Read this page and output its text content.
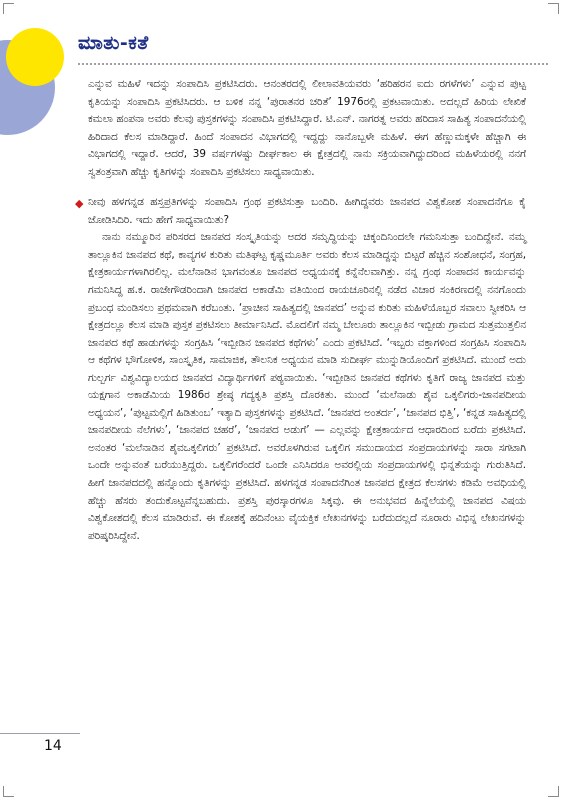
ಮಾತು-ಕತೆ

ಎನ್ನುವ ಮಹಿಳೆ ಇದನ್ನು ಸಂಪಾದಿಸಿ ಪ್ರಕಟಿಸಿದರು. ಆನಂತರದಲ್ಲಿ ಲೀಲಾವತಿಯವರು ‘ಹರಿಹರನ ಐದು ರಗಳೆಗಳು’ ಎನ್ನುವ ಪುಟ್ಟ ಕೃತಿಯನ್ನು ಸಂಪಾದಿಸಿ ಪ್ರಕಟಿಸಿದರು. ಆ ಬಳಿಕ ನನ್ನ ‘ಪುರಾತನರ ಚರಿತೆ’ 1976ರಲ್ಲಿ ಪ್ರಕಟವಾಯಿತು. ಅದಲ್ಲದೆ ಹಿರಿಯ ಲೇಖಿಕೆ ಕಮಲಾ ಹಂಪನಾ ಅವರು ಕೆಲವು ಪುಸ್ತಕಗಳನ್ನು ಸಂಪಾದಿಸಿ ಪ್ರಕಟಿಸಿದ್ದಾರೆ. ಟಿ.ಎನ್. ನಾಗರತ್ನ ಅವರು ಹರಿದಾಸ ಸಾಹಿತ್ಯ ಸಂಪಾದನೆಯಲ್ಲಿ ಹಿರಿದಾದ ಕೆಲಸ ಮಾಡಿದ್ದಾರೆ. ಹಿಂದೆ ಸಂಪಾದನ ವಿಭಾಗದಲ್ಲಿ ಇದ್ದದ್ದು ನಾನೊಬ್ಬಳೇ ಮಹಿಳೆ. ಈಗ ಹೆಣ್ಣುಮಕ್ಕಳೇ ಹೆಚ್ಚಾಗಿ ಈ ವಿಭಾಗದಲ್ಲಿ ಇದ್ದಾರೆ. ಆದರೆ, 39 ವರ್ಷಗಳಷ್ಟು ದೀರ್ಘಕಾಲ ಈ ಕ್ಷೇತ್ರದಲ್ಲಿ ನಾನು ಸಕ್ರಿಯವಾಗಿದ್ದುದರಿಂದ ಮಹಿಳೆಯರಲ್ಲಿ ನನಗೆ ಸ್ವತಂತ್ರವಾಗಿ ಹೆಚ್ಚು ಕೃತಿಗಳನ್ನು ಸಂಪಾದಿಸಿ ಪ್ರಕಟಿಸಲು ಸಾಧ್ಯವಾಯಿತು.

◆ ನೀವು ಹಳಗನ್ನಡ ಹಸ್ತಪ್ರತಿಗಳನ್ನು ಸಂಪಾದಿಸಿ ಗ್ರಂಥ ಪ್ರಕಟಿಸುತ್ತಾ ಬಂದಿರಿ. ಹೀಗಿದ್ದವರು ಜಾನಪದ ವಿಶ್ವಕೋಶ ಸಂಪಾದನೆಗೂ ಕೈ ಜೋಡಿಸಿದಿರಿ. ಇದು ಹೇಗೆ ಸಾಧ್ಯವಾಯಿತು?

ನಾನು ನಮ್ಮೂರಿನ ಪರಿಸರದ ಜಾನಪದ ಸಂಸ್ಕೃತಿಯನ್ನು ಅದರ ಸಮೃದ್ಧಿಯನ್ನು ಚಿಕ್ಕಂದಿನಿಂದಲೇ ಗಮನಿಸುತ್ತಾ ಬಂದಿದ್ದೇನೆ. ನಮ್ಮ ತಾಲ್ಲೂಕಿನ ಜಾನಪದ ಕಥೆ, ಕಾವ್ಯಗಳ ಕುರಿತು ಮತಿಘಟ್ಟ ಕೃಷ್ಣಮೂರ್ತಿ ಅವರು ಕೆಲಸ ಮಾಡಿದ್ದನ್ನು ಬಿಟ್ಟರೆ ಹೆಚ್ಚಿನ ಸಂಶೋಧನೆ, ಸಂಗ್ರಹ, ಕ್ಷೇತ್ರಕಾರ್ಯಗಳಾಗಿರಲಿಲ್ಲ. ಮಲೆನಾಡಿನ ಭಾಗವಂತೂ ಜಾನಪದ ಅಧ್ಯಯನಕ್ಕೆ ಕನ್ನೆನೆಲವಾಗಿತ್ತು. ನನ್ನ ಗ್ರಂಥ ಸಂಪಾದನ ಕಾರ್ಯವನ್ನು ಗಮನಿಸಿದ್ದ ಹ.ಕ. ರಾಜೇಗೌಡರಿಂದಾಗಿ ಜಾನಪದ ಅಕಾಡೆಮಿ ವತಿಯಿಂದ ರಾಯಚೂರಿನಲ್ಲಿ ನಡೆದ ವಿಚಾರ ಸಂಕಿರಣದಲ್ಲಿ ನನಗೊಂದು ಪ್ರಬಂಧ ಮಂಡಿಸಲು ಪ್ರಥಮವಾಗಿ ಕರೆಬಂತು. ‘ಪ್ರಾಚೀನ ಸಾಹಿತ್ಯದಲ್ಲಿ ಜಾನಪದ’ ಅನ್ನುವ ಕುರಿತು ಮಹಿಳೆಯೊಬ್ಬರ ಸವಾಲು ಸ್ವೀಕರಿಸಿ ಆ ಕ್ಷೇತ್ರದಲ್ಲೂ ಕೆಲಸ ಮಾಡಿ ಪುಸ್ತಕ ಪ್ರಕಟಿಸಲು ತೀರ್ಮಾನಿಸಿದೆ. ಮೊದಲಿಗೆ ನಮ್ಮ ಬೇಲೂರು ತಾಲ್ಲೂಕಿನ ಇಬ್ಬೀಡು ಗ್ರಾಮದ ಸುತ್ತಮುತ್ತಲಿನ ಜಾನಪದ ಕಥೆ ಹಾಡುಗಳನ್ನು ಸಂಗ್ರಹಿಸಿ ‘ಇಬ್ಬೀಡಿನ ಜಾನಪದ ಕಥೆಗಳು’ ಎಂದು ಪ್ರಕಟಿಸಿದೆ. ‘ಇಬ್ಬರು ವಕ್ತಾಗಳಿಂದ ಸಂಗ್ರಹಿಸಿ ಸಂಪಾದಿಸಿ ಆ ಕಥೆಗಳ ಭೌಗೋಳಿಕ, ಸಾಂಸ್ಕೃತಿಕ, ಸಾಮಾಜಿಕ, ತೌಲನಿಕ ಅಧ್ಯಯನ ಮಾಡಿ ಸುದೀರ್ಘ ಮುನ್ನುಡಿಯೊಂದಿಗೆ ಪ್ರಕಟಿಸಿದೆ. ಮುಂದೆ ಅದು ಗುಲ್ಬರ್ಗ ವಿಶ್ವವಿದ್ಯಾಲಯದ ಜಾನಪದ ವಿದ್ಯಾರ್ಥಿಗಳಿಗೆ ಪಠ್ಯವಾಯಿತು. ‘ಇಬ್ಬೀಡಿನ ಜಾನಪದ ಕಥೆಗಳು ಕೃತಿಗೆ ರಾಜ್ಯ ಜಾನಪದ ಮತ್ತು ಯಕ್ಷಗಾನ ಅಕಾಡೆಮಿಯ 1986ರ ಶ್ರೇಷ್ಠ ಗದ್ಯಕೃತಿ ಪ್ರಶಸ್ತಿ ದೊರಕಿತು. ಮುಂದೆ ‘ಮಲೆನಾಡು ಶೈವ ಒಕ್ಕಲಿಗರು-ಜಾನಪದೀಯ ಅಧ್ಯಯನ’, ‘ಪುಟ್ಟಮಲ್ಲಿಗೆ ಹಿಡಿತುಂಬ’ ಇತ್ಯಾದಿ ಪುಸ್ತಕಗಳನ್ನು ಪ್ರಕಟಿಸಿದೆ. ‘ಜಾನಪದ ಅಂತರ್ದ’, ‘ಜಾನಪದ ಭಿತ್ತಿ’, ‘ಕನ್ನಡ ಸಾಹಿತ್ಯದಲ್ಲಿ ಜಾನಪದೀಯ ನೆಲೆಗಳು’, ‘ಜಾನಪದ ಚಹರೆ’, ‘ಜಾನಪದ ಅಡುಗೆ’ — ಎಲ್ಲವನ್ನು ಕ್ಷೇತ್ರಕಾರ್ಯದ ಆಧಾರದಿಂದ ಬರೆದು ಪ್ರಕಟಿಸಿದೆ. ಅನಂತರ ‘ಮಲೆನಾಡಿನ ಶೈವಒಕ್ಕಲಿಗರು’ ಪ್ರಕಟಿಸಿದೆ. ಅವರೊಳಗಿರುವ ಒಕ್ಕಲಿಗ ಸಮುದಾಯದ ಸಂಪ್ರದಾಯಗಳನ್ನು ಸಾರಾ ಸಗಟಾಗಿ ಒಂದೇ ಅನ್ನುವಂತೆ ಬರೆಯುತ್ತಿದ್ದರು. ಒಕ್ಕಲಿಗರೆಂದರೆ ಒಂದೇ ಎನಿಸಿದರೂ ಅವರಲ್ಲಿಯ ಸಂಪ್ರದಾಯಗಳಲ್ಲಿ ಭಿನ್ನತೆಯನ್ನು ಗುರುತಿಸಿದೆ. ಹೀಗೆ ಜಾನಪದದಲ್ಲಿ ಹನ್ನೊಂದು ಕೃತಿಗಳನ್ನು ಪ್ರಕಟಿಸಿದೆ. ಹಳಗನ್ನಡ ಸಂಪಾದನೆಗಿಂತ ಜಾನಪದ ಕ್ಷೇತ್ರದ ಕೆಲಸಗಳು ಕಡಿಮೆ ಅವಧಿಯಲ್ಲಿ ಹೆಚ್ಚು ಹೆಸರು ತಂದುಕೊಟ್ಟವೆನ್ನಬಹುದು. ಪ್ರಶಸ್ತಿ ಪುರಸ್ಕಾರಗಳೂ ಸಿಕ್ಕವು. ಈ ಅನುಭವದ ಹಿನ್ನೆಲೆಯಲ್ಲಿ ಜಾನಪದ ವಿಷಯ ವಿಶ್ವಕೋಶದಲ್ಲಿ ಕೆಲಸ ಮಾಡಿರುವೆ. ಈ ಕೋಶಕ್ಕೆ ಹದಿನೆಂಟು ವೈಯಕ್ತಿಕ ಲೇಖನಗಳನ್ನು ಬರೆದುದಲ್ಲದೆ ನೂರಾರು ವಿಭಿನ್ನ ಲೇಖನಗಳನ್ನು ಪರಿಷ್ಕರಿಸಿದ್ದೇನೆ.

14
